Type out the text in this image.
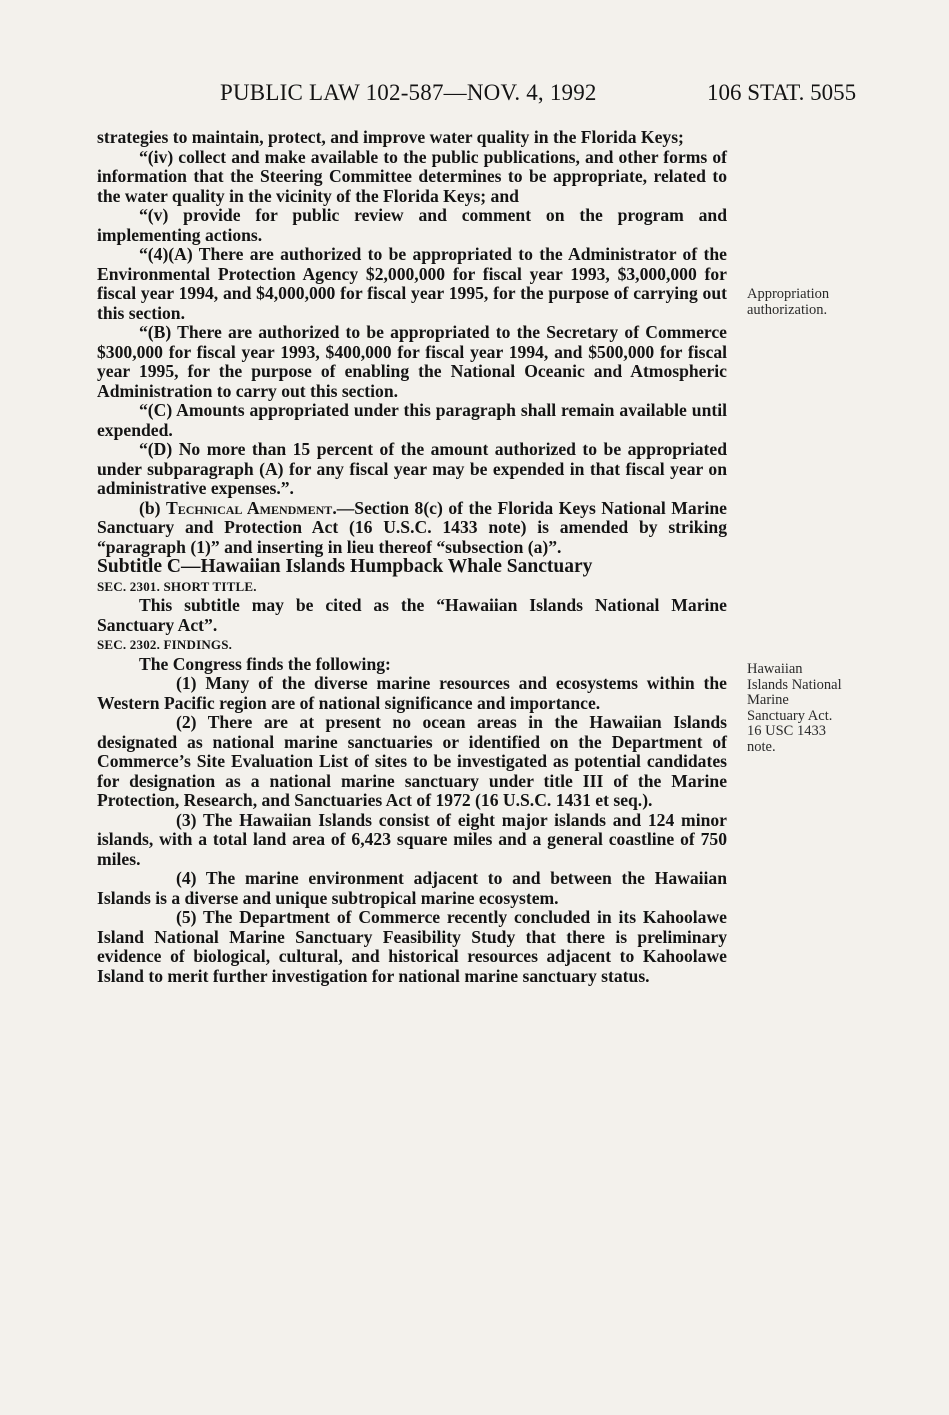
PUBLIC LAW 102-587—NOV. 4, 1992	106 STAT. 5055

strategies to maintain, protect, and improve water quality in the Florida Keys;

“(iv) collect and make available to the public publications, and other forms of information that the Steering Committee determines to be appropriate, related to the water quality in the vicinity of the Florida Keys; and

“(v) provide for public review and comment on the program and implementing actions.

“(4)(A) There are authorized to be appropriated to the Administrator of the Environmental Protection Agency $2,000,000 for fiscal year 1993, $3,000,000 for fiscal year 1994, and $4,000,000 for fiscal year 1995, for the purpose of carrying out this section.

“(B) There are authorized to be appropriated to the Secretary of Commerce $300,000 for fiscal year 1993, $400,000 for fiscal year 1994, and $500,000 for fiscal year 1995, for the purpose of enabling the National Oceanic and Atmospheric Administration to carry out this section.

“(C) Amounts appropriated under this paragraph shall remain available until expended.

“(D) No more than 15 percent of the amount authorized to be appropriated under subparagraph (A) for any fiscal year may be expended in that fiscal year on administrative expenses.”.

(b) Technical Amendment.—Section 8(c) of the Florida Keys National Marine Sanctuary and Protection Act (16 U.S.C. 1433 note) is amended by striking “paragraph (1)” and inserting in lieu thereof “subsection (a)”.

Subtitle C—Hawaiian Islands Humpback Whale Sanctuary

SEC. 2301. SHORT TITLE.

This subtitle may be cited as the “Hawaiian Islands National Marine Sanctuary Act”.

SEC. 2302. FINDINGS.

The Congress finds the following:

(1) Many of the diverse marine resources and ecosystems within the Western Pacific region are of national significance and importance.

(2) There are at present no ocean areas in the Hawaiian Islands designated as national marine sanctuaries or identified on the Department of Commerce’s Site Evaluation List of sites to be investigated as potential candidates for designation as a national marine sanctuary under title III of the Marine Protection, Research, and Sanctuaries Act of 1972 (16 U.S.C. 1431 et seq.).

(3) The Hawaiian Islands consist of eight major islands and 124 minor islands, with a total land area of 6,423 square miles and a general coastline of 750 miles.

(4) The marine environment adjacent to and between the Hawaiian Islands is a diverse and unique subtropical marine ecosystem.

(5) The Department of Commerce recently concluded in its Kahoolawe Island National Marine Sanctuary Feasibility Study that there is preliminary evidence of biological, cultural, and historical resources adjacent to Kahoolawe Island to merit further investigation for national marine sanctuary status.

Appropriation
authorization.
Hawaiian
Islands National
Marine
Sanctuary Act.
16 USC 1433
note.
